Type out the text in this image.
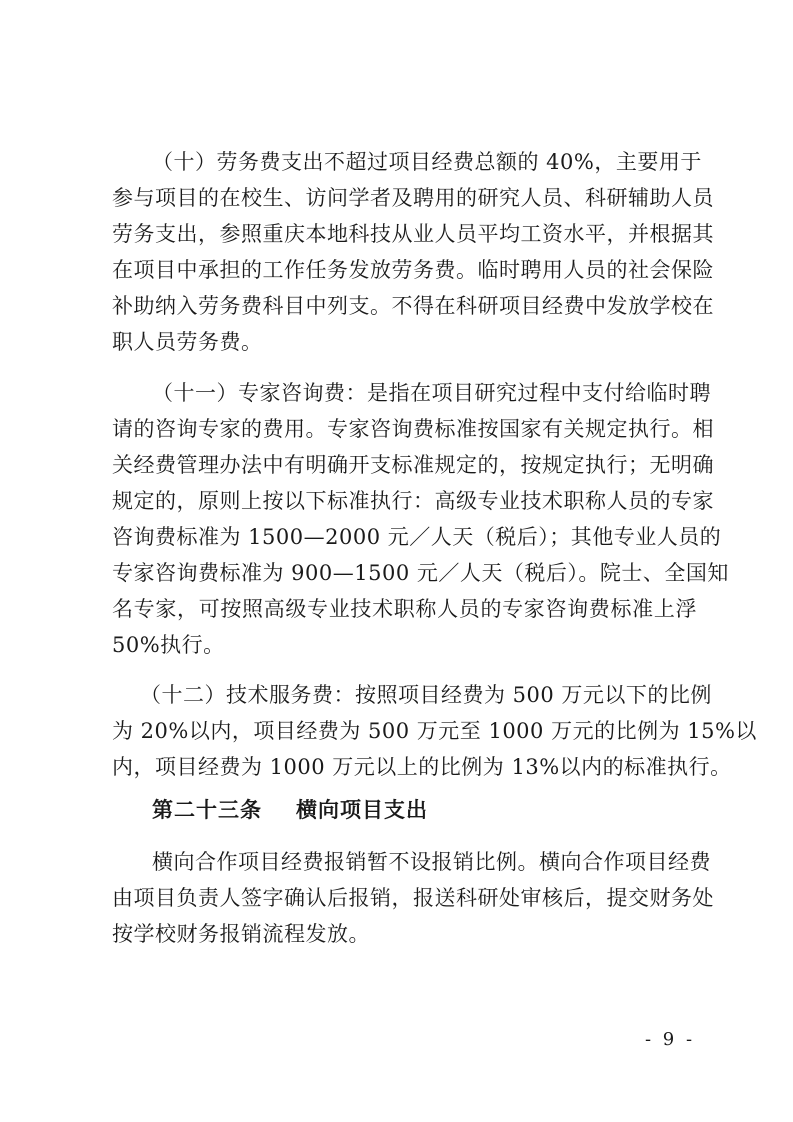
（十）劳务费支出不超过项目经费总额的 40%，主要用于
参与项目的在校生、访问学者及聘用的研究人员、科研辅助人员
劳务支出，参照重庆本地科技从业人员平均工资水平，并根据其
在项目中承担的工作任务发放劳务费。临时聘用人员的社会保险
补助纳入劳务费科目中列支。不得在科研项目经费中发放学校在
职人员劳务费。
（十一）专家咨询费：是指在项目研究过程中支付给临时聘
请的咨询专家的费用。专家咨询费标准按国家有关规定执行。相
关经费管理办法中有明确开支标准规定的，按规定执行；无明确
规定的，原则上按以下标准执行：高级专业技术职称人员的专家
咨询费标准为 1500—2000 元／人天（税后）；其他专业人员的
专家咨询费标准为 900—1500 元／人天（税后）。院士、全国知
名专家，可按照高级专业技术职称人员的专家咨询费标准上浮
50%执行。
（十二）技术服务费：按照项目经费为 500 万元以下的比例
为 20%以内，项目经费为 500 万元至 1000 万元的比例为 15%以
内，项目经费为 1000 万元以上的比例为 13%以内的标准执行。
第二十三条 横向项目支出
横向合作项目经费报销暂不设报销比例。横向合作项目经费
由项目负责人签字确认后报销，报送科研处审核后，提交财务处
按学校财务报销流程发放。
- 9 -
